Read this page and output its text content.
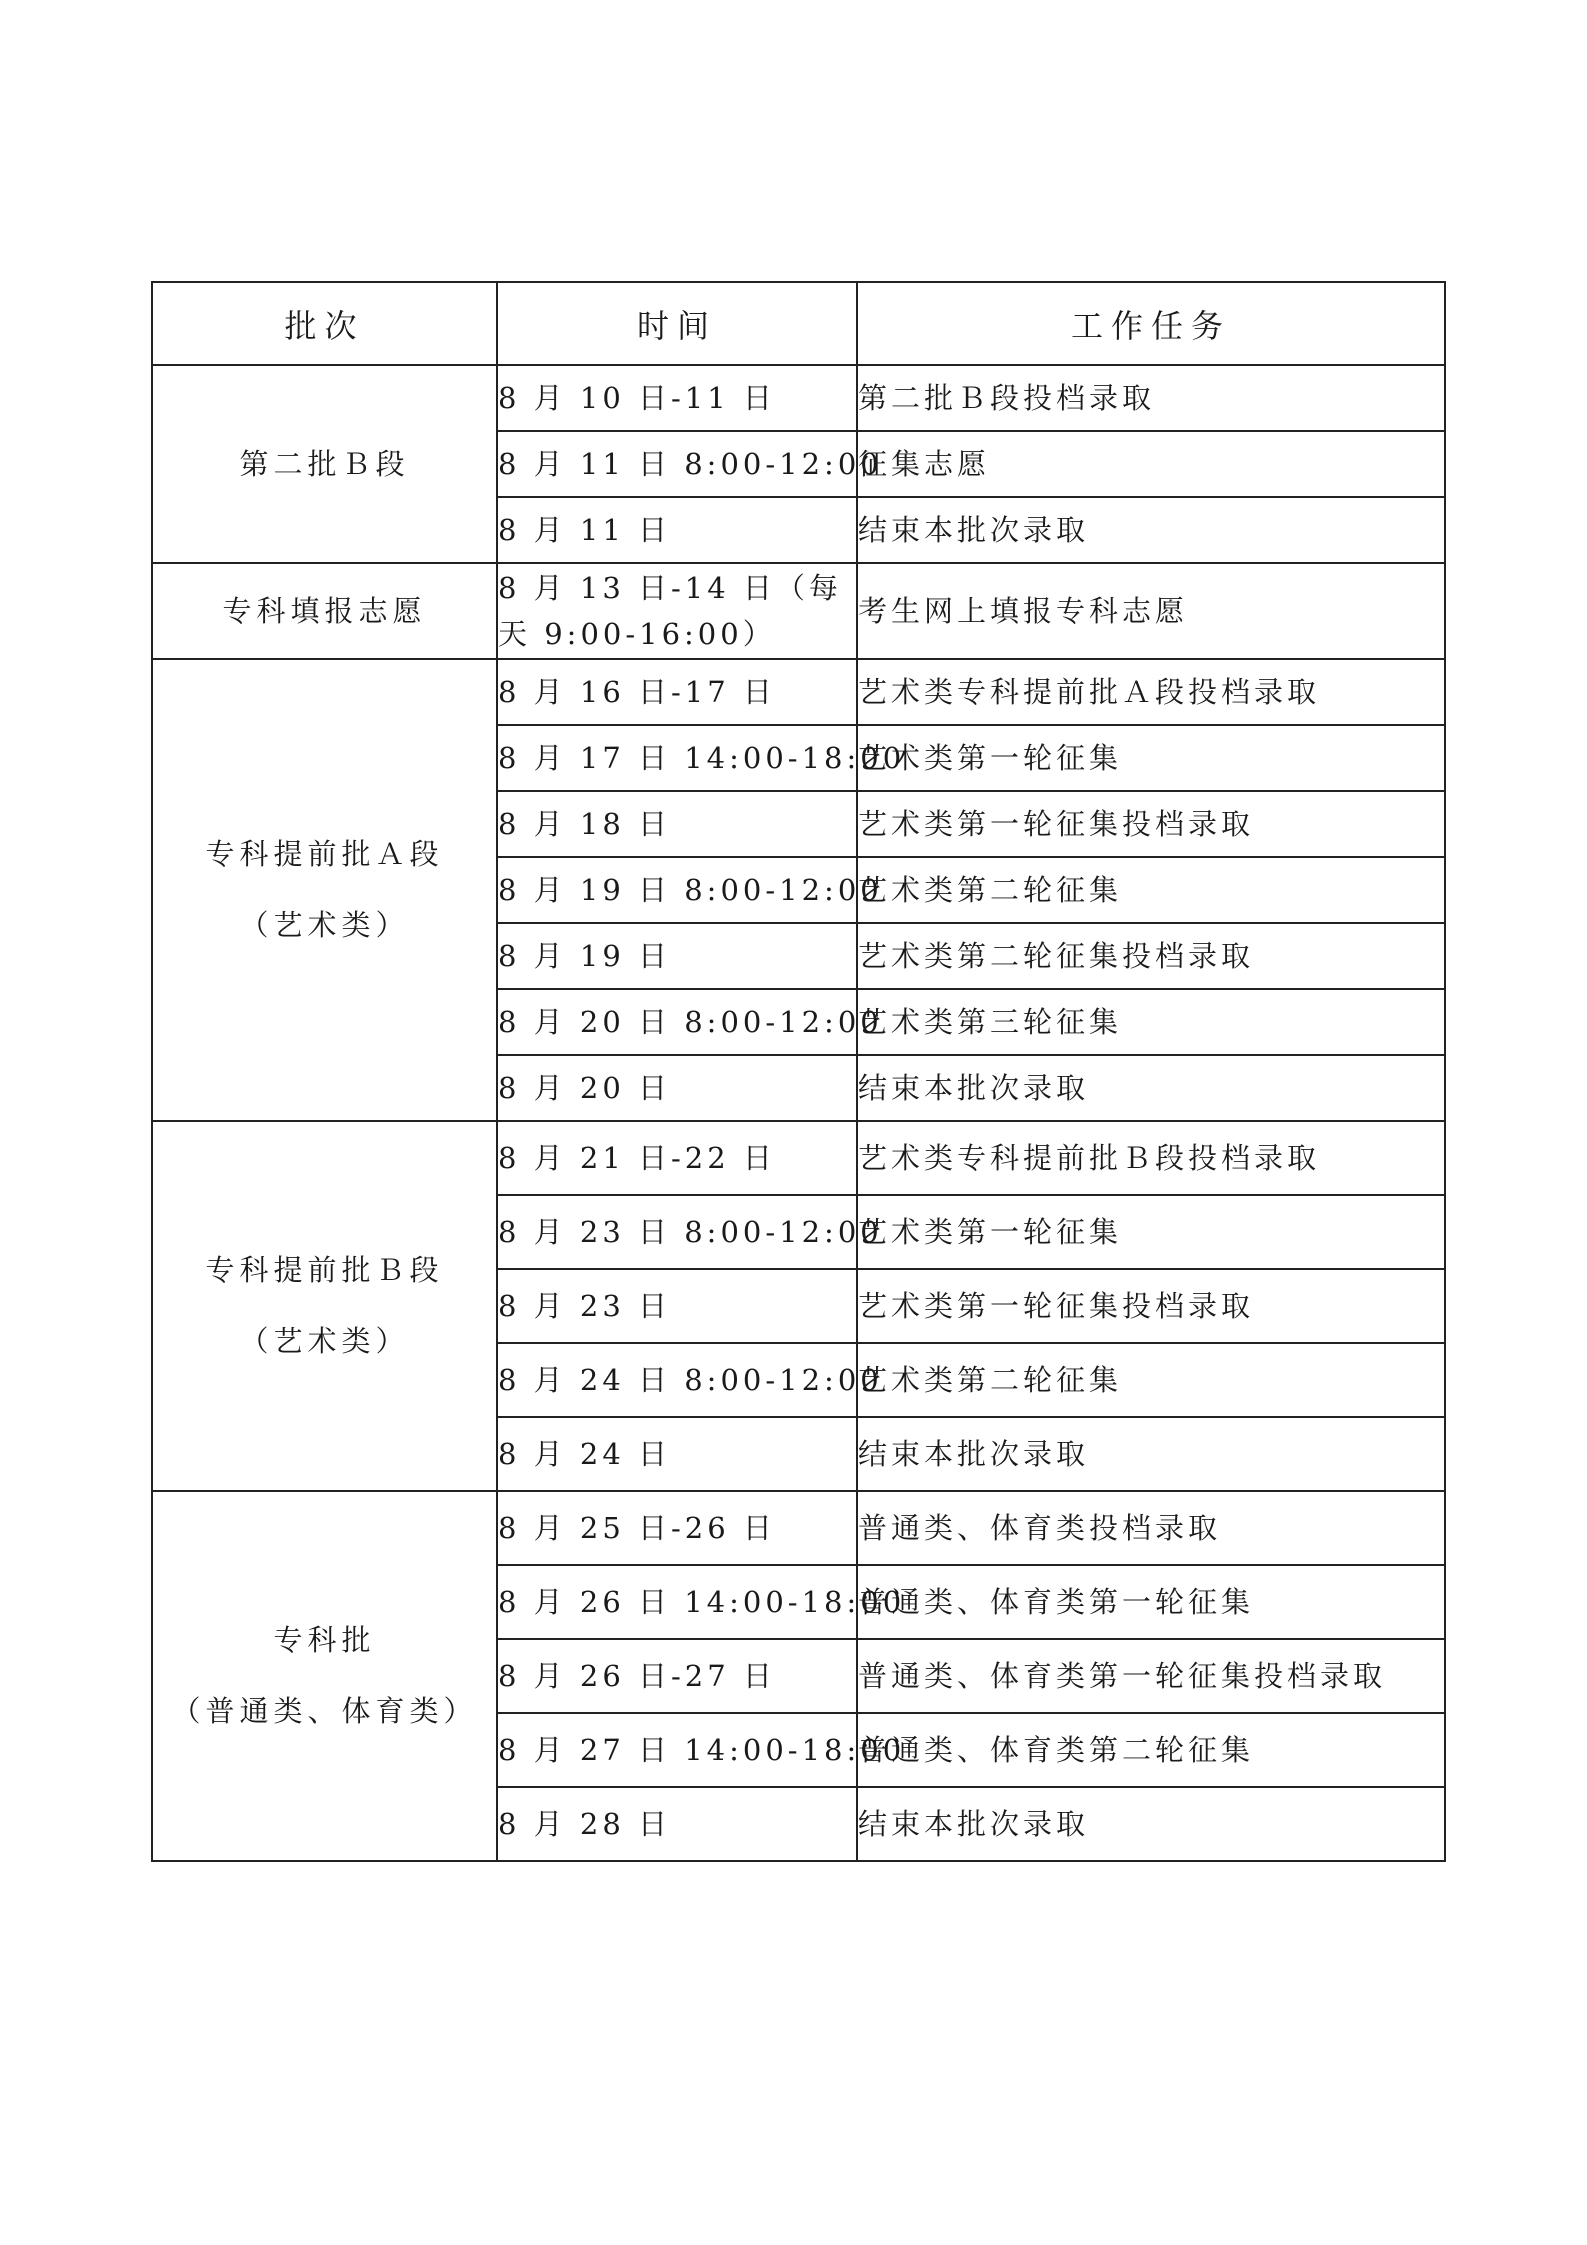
批次	时间	工作任务

第二批Ｂ段	8 月 10 日-11 日	第二批Ｂ段投档录取
	8 月 11 日 8:00-12:00	征集志愿
	8 月 11 日	结束本批次录取

专科填报志愿	8 月 13 日-14 日（每天 9:00-16:00）	考生网上填报专科志愿

专科提前批Ａ段
（艺术类）	8 月 16 日-17 日	艺术类专科提前批Ａ段投档录取
	8 月 17 日 14:00-18:00	艺术类第一轮征集
	8 月 18 日	艺术类第一轮征集投档录取
	8 月 19 日 8:00-12:00	艺术类第二轮征集
	8 月 19 日	艺术类第二轮征集投档录取
	8 月 20 日 8:00-12:00	艺术类第三轮征集
	8 月 20 日	结束本批次录取

专科提前批Ｂ段
（艺术类）	8 月 21 日-22 日	艺术类专科提前批Ｂ段投档录取
	8 月 23 日 8:00-12:00	艺术类第一轮征集
	8 月 23 日	艺术类第一轮征集投档录取
	8 月 24 日 8:00-12:00	艺术类第二轮征集
	8 月 24 日	结束本批次录取

专科批
（普通类、体育类）	8 月 25 日-26 日	普通类、体育类投档录取
	8 月 26 日 14:00-18:00	普通类、体育类第一轮征集
	8 月 26 日-27 日	普通类、体育类第一轮征集投档录取
	8 月 27 日 14:00-18:00	普通类、体育类第二轮征集
	8 月 28 日	结束本批次录取
